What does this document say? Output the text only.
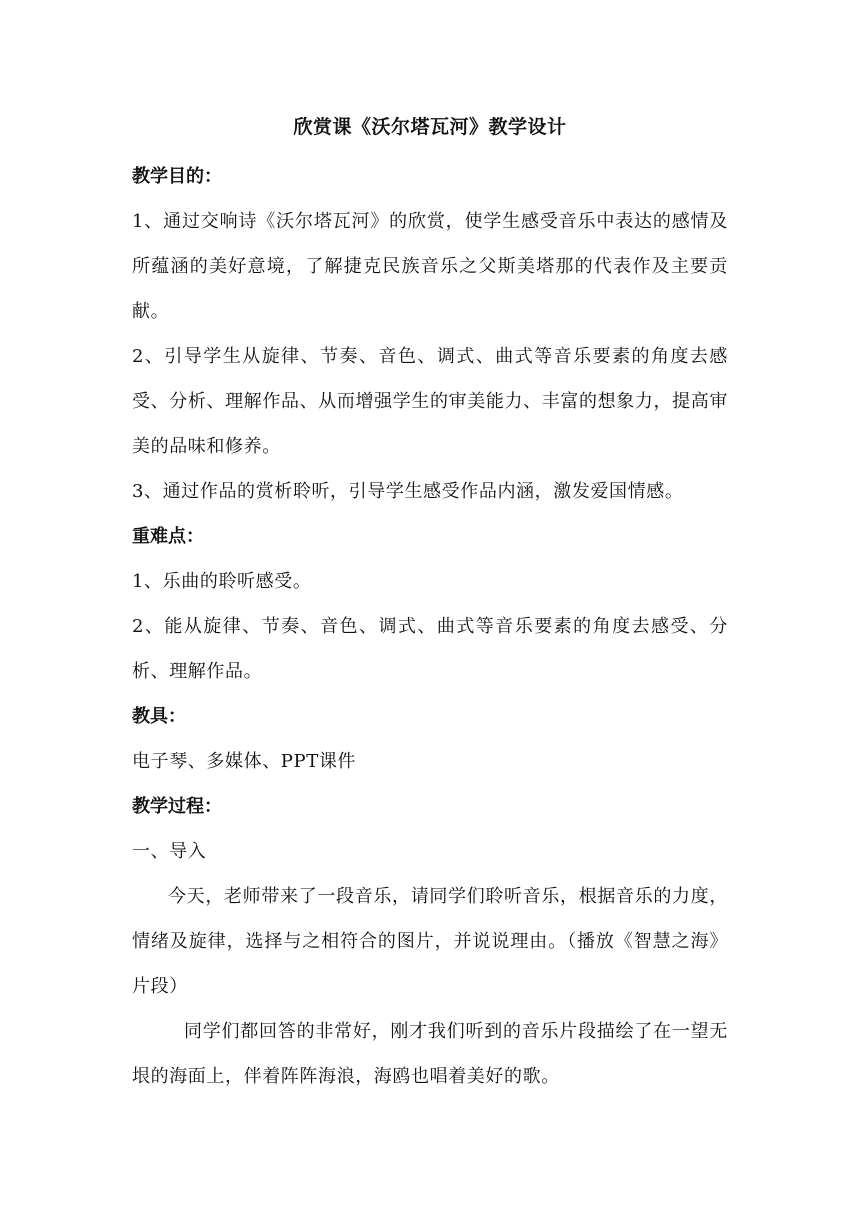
欣赏课《沃尔塔瓦河》教学设计
教学目的：

1、通过交响诗《沃尔塔瓦河》的欣赏，使学生感受音乐中表达的感情及所蕴涵的美好意境，了解捷克民族音乐之父斯美塔那的代表作及主要贡献。

2、引导学生从旋律、节奏、音色、调式、曲式等音乐要素的角度去感受、分析、理解作品、从而增强学生的审美能力、丰富的想象力，提高审美的品味和修养。

3、通过作品的赏析聆听，引导学生感受作品内涵，激发爱国情感。

重难点：

1、乐曲的聆听感受。

2、能从旋律、节奏、音色、调式、曲式等音乐要素的角度去感受、分析、理解作品。

教具：

电子琴、多媒体、PPT课件

教学过程：

一、导入

今天，老师带来了一段音乐，请同学们聆听音乐，根据音乐的力度，情绪及旋律，选择与之相符合的图片，并说说理由。（播放《智慧之海》片段）

同学们都回答的非常好，刚才我们听到的音乐片段描绘了在一望无垠的海面上，伴着阵阵海浪，海鸥也唱着美好的歌。
